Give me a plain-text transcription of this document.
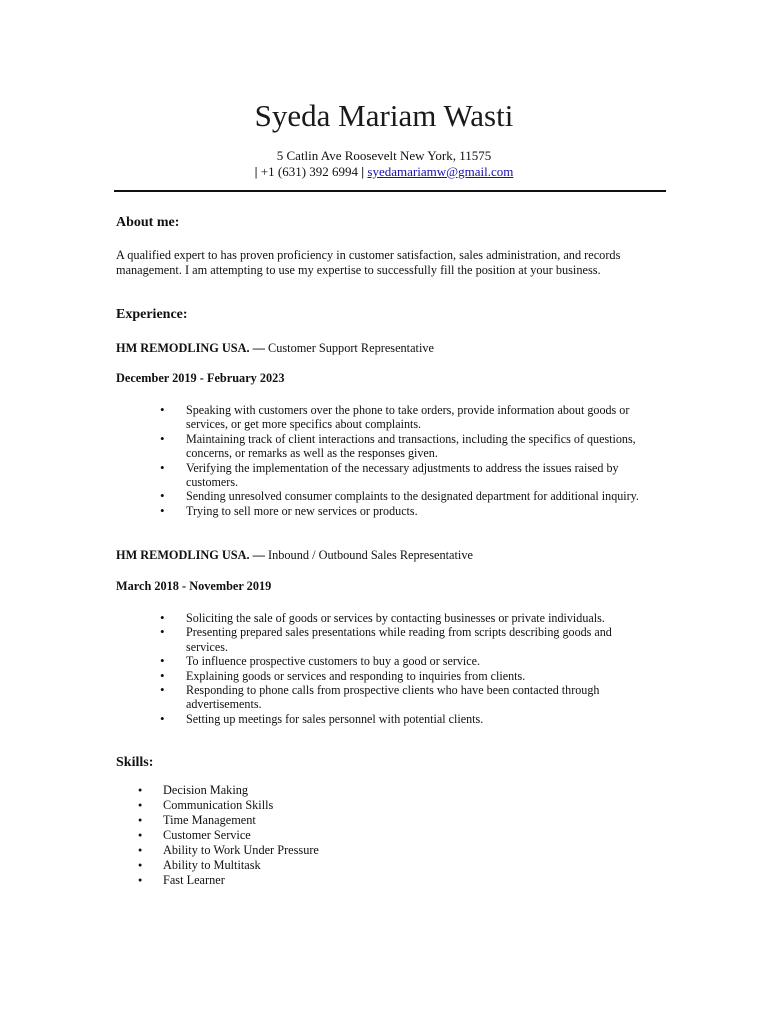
Syeda Mariam Wasti
5 Catlin Ave Roosevelt New York, 11575
| +1 (631) 392 6994 | syedamariamw@gmail.com
About me:
A qualified expert to has proven proficiency in customer satisfaction, sales administration, and records management. I am attempting to use my expertise to successfully fill the position at your business.
Experience:
HM REMODLING USA. — Customer Support Representative
December 2019 - February 2023
• Speaking with customers over the phone to take orders, provide information about goods or services, or get more specifics about complaints.
• Maintaining track of client interactions and transactions, including the specifics of questions, concerns, or remarks as well as the responses given.
• Verifying the implementation of the necessary adjustments to address the issues raised by customers.
• Sending unresolved consumer complaints to the designated department for additional inquiry.
• Trying to sell more or new services or products.
HM REMODLING USA. — Inbound / Outbound Sales Representative
March 2018 - November 2019
• Soliciting the sale of goods or services by contacting businesses or private individuals.
• Presenting prepared sales presentations while reading from scripts describing goods and services.
• To influence prospective customers to buy a good or service.
• Explaining goods or services and responding to inquiries from clients.
• Responding to phone calls from prospective clients who have been contacted through advertisements.
• Setting up meetings for sales personnel with potential clients.
Skills:
● Decision Making
● Communication Skills
● Time Management
● Customer Service
● Ability to Work Under Pressure
● Ability to Multitask
● Fast Learner
